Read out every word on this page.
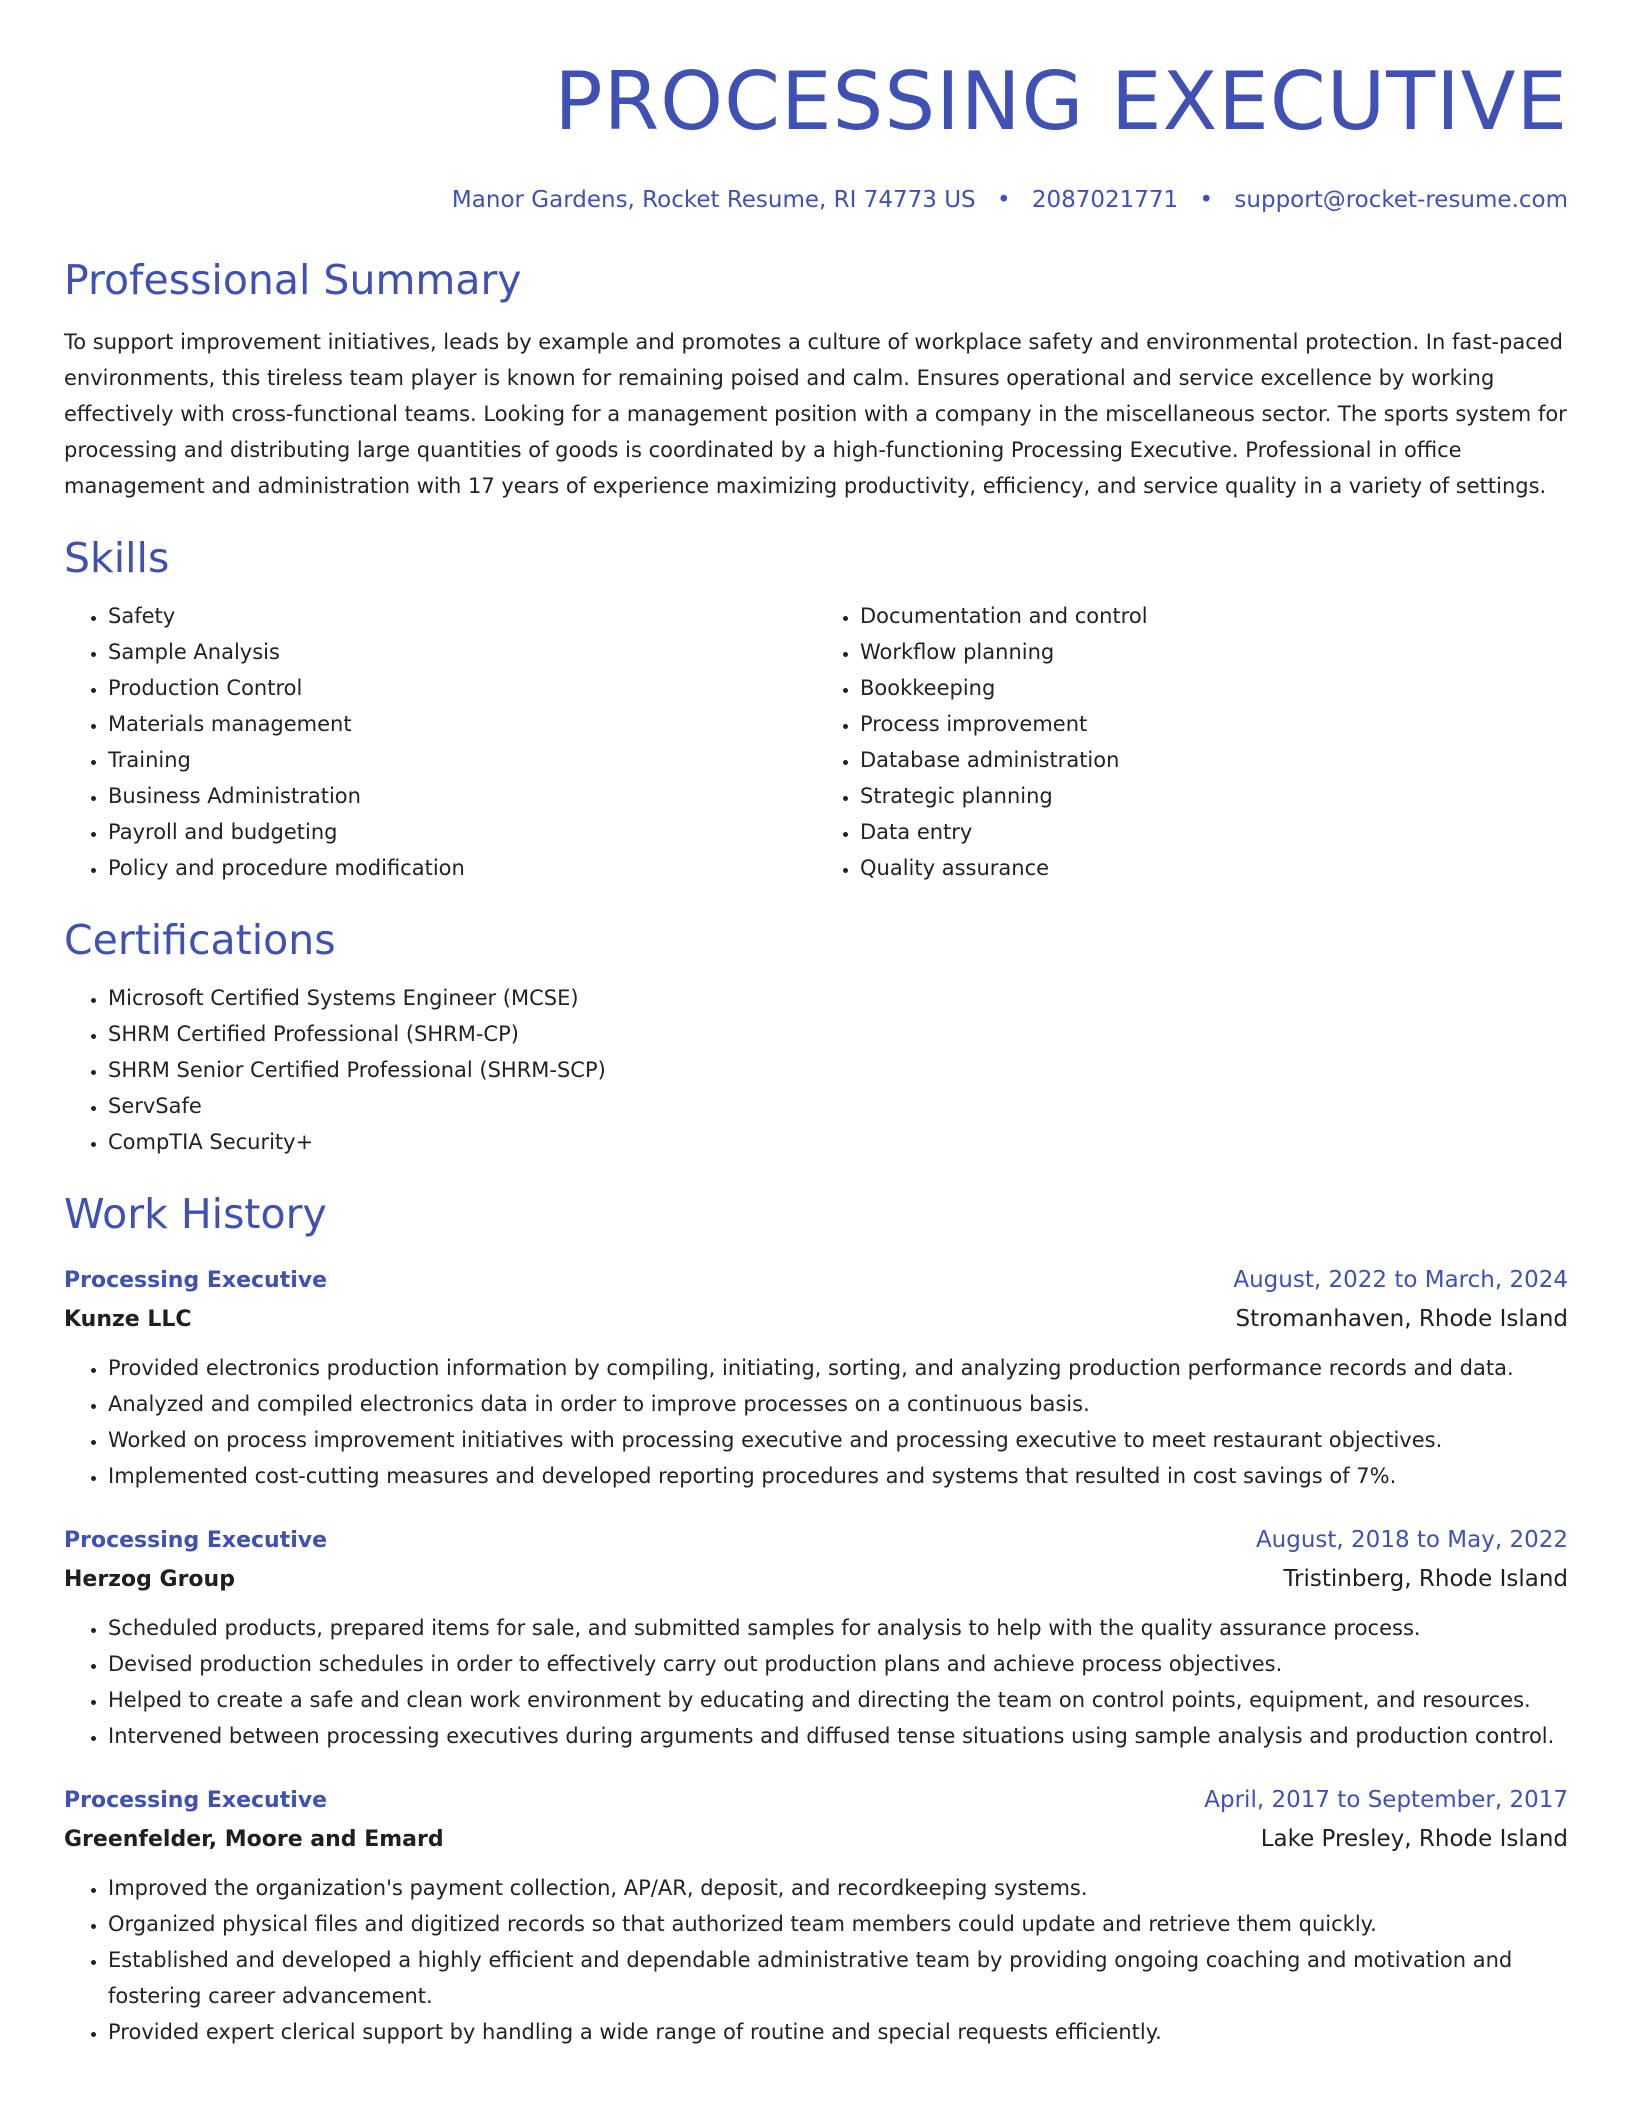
PROCESSING EXECUTIVE
Manor Gardens, Rocket Resume, RI 74773 US • 2087021771 • support@rocket-resume.com
Professional Summary
To support improvement initiatives, leads by example and promotes a culture of workplace safety and environmental protection. In fast-paced environments, this tireless team player is known for remaining poised and calm. Ensures operational and service excellence by working effectively with cross-functional teams. Looking for a management position with a company in the miscellaneous sector. The sports system for processing and distributing large quantities of goods is coordinated by a high-functioning Processing Executive. Professional in office management and administration with 17 years of experience maximizing productivity, efficiency, and service quality in a variety of settings.
Skills
• Safety
• Sample Analysis
• Production Control
• Materials management
• Training
• Business Administration
• Payroll and budgeting
• Policy and procedure modification
• Documentation and control
• Workflow planning
• Bookkeeping
• Process improvement
• Database administration
• Strategic planning
• Data entry
• Quality assurance
Certifications
• Microsoft Certified Systems Engineer (MCSE)
• SHRM Certified Professional (SHRM-CP)
• SHRM Senior Certified Professional (SHRM-SCP)
• ServSafe
• CompTIA Security+
Work History
Processing Executive	August, 2022 to March, 2024
Kunze LLC	Stromanhaven, Rhode Island
• Provided electronics production information by compiling, initiating, sorting, and analyzing production performance records and data.
• Analyzed and compiled electronics data in order to improve processes on a continuous basis.
• Worked on process improvement initiatives with processing executive and processing executive to meet restaurant objectives.
• Implemented cost-cutting measures and developed reporting procedures and systems that resulted in cost savings of 7%.
Processing Executive	August, 2018 to May, 2022
Herzog Group	Tristinberg, Rhode Island
• Scheduled products, prepared items for sale, and submitted samples for analysis to help with the quality assurance process.
• Devised production schedules in order to effectively carry out production plans and achieve process objectives.
• Helped to create a safe and clean work environment by educating and directing the team on control points, equipment, and resources.
• Intervened between processing executives during arguments and diffused tense situations using sample analysis and production control.
Processing Executive	April, 2017 to September, 2017
Greenfelder, Moore and Emard	Lake Presley, Rhode Island
• Improved the organization's payment collection, AP/AR, deposit, and recordkeeping systems.
• Organized physical files and digitized records so that authorized team members could update and retrieve them quickly.
• Established and developed a highly efficient and dependable administrative team by providing ongoing coaching and motivation and fostering career advancement.
• Provided expert clerical support by handling a wide range of routine and special requests efficiently.
